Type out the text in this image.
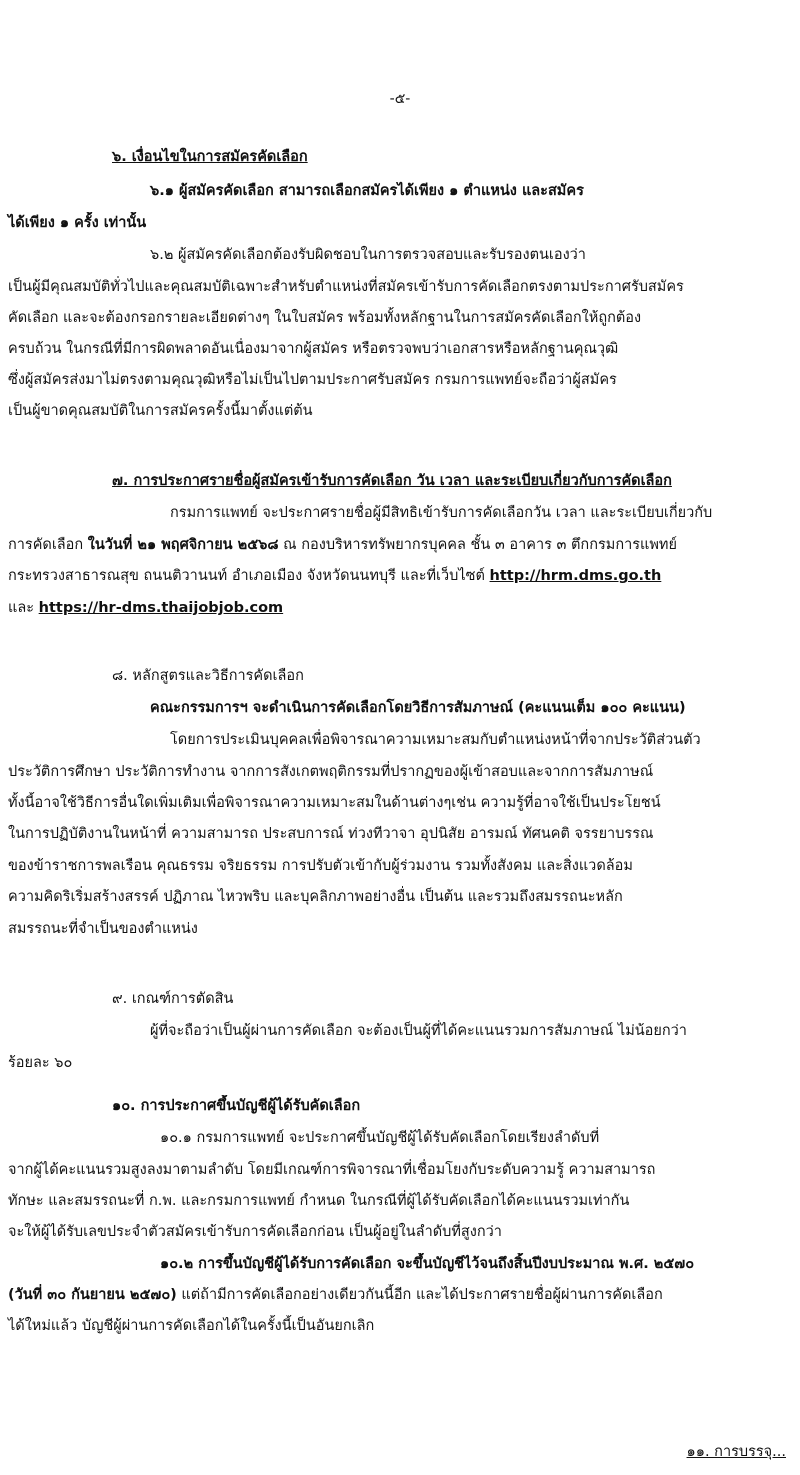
-๕-

๖. เงื่อนไขในการสมัครคัดเลือก

๖.๑ ผู้สมัครคัดเลือก สามารถเลือกสมัครได้เพียง ๑ ตำแหน่ง และสมัคร

ได้เพียง ๑ ครั้ง เท่านั้น

๖.๒ ผู้สมัครคัดเลือกต้องรับผิดชอบในการตรวจสอบและรับรองตนเองว่า

เป็นผู้มีคุณสมบัติทั่วไปและคุณสมบัติเฉพาะสำหรับตำแหน่งที่สมัครเข้ารับการคัดเลือกตรงตามประกาศรับสมัคร

คัดเลือก และจะต้องกรอกรายละเอียดต่างๆ ในใบสมัคร พร้อมทั้งหลักฐานในการสมัครคัดเลือกให้ถูกต้อง

ครบถ้วน ในกรณีที่มีการผิดพลาดอันเนื่องมาจากผู้สมัคร หรือตรวจพบว่าเอกสารหรือหลักฐานคุณวุฒิ

ซึ่งผู้สมัครส่งมาไม่ตรงตามคุณวุฒิหรือไม่เป็นไปตามประกาศรับสมัคร กรมการแพทย์จะถือว่าผู้สมัคร

เป็นผู้ขาดคุณสมบัติในการสมัครครั้งนี้มาตั้งแต่ต้น

๗. การประกาศรายชื่อผู้สมัครเข้ารับการคัดเลือก วัน เวลา และระเบียบเกี่ยวกับการคัดเลือก

กรมการแพทย์ จะประกาศรายชื่อผู้มีสิทธิเข้ารับการคัดเลือกวัน เวลา และระเบียบเกี่ยวกับ

การคัดเลือก ในวันที่ ๒๑ พฤศจิกายน ๒๕๖๘ ณ กองบริหารทรัพยากรบุคคล ชั้น ๓ อาคาร ๓ ตึกกรมการแพทย์

กระทรวงสาธารณสุข ถนนติวานนท์ อำเภอเมือง จังหวัดนนทบุรี และที่เว็บไซต์ http://hrm.dms.go.th

และ https://hr-dms.thaijobjob.com

๘. หลักสูตรและวิธีการคัดเลือก

คณะกรรมการฯ จะดำเนินการคัดเลือกโดยวิธีการสัมภาษณ์ (คะแนนเต็ม ๑๐๐ คะแนน)

โดยการประเมินบุคคลเพื่อพิจารณาความเหมาะสมกับตำแหน่งหน้าที่จากประวัติส่วนตัว

ประวัติการศึกษา ประวัติการทำงาน จากการสังเกตพฤติกรรมที่ปรากฏของผู้เข้าสอบและจากการสัมภาษณ์

ทั้งนี้อาจใช้วิธีการอื่นใดเพิ่มเติมเพื่อพิจารณาความเหมาะสมในด้านต่างๆเช่น ความรู้ที่อาจใช้เป็นประโยชน์

ในการปฏิบัติงานในหน้าที่ ความสามารถ ประสบการณ์ ท่วงทีวาจา อุปนิสัย อารมณ์ ทัศนคติ จรรยาบรรณ

ของข้าราชการพลเรือน คุณธรรม จริยธรรม การปรับตัวเข้ากับผู้ร่วมงาน รวมทั้งสังคม และสิ่งแวดล้อม

ความคิดริเริ่มสร้างสรรค์ ปฏิภาณ ไหวพริบ และบุคลิกภาพอย่างอื่น เป็นต้น และรวมถึงสมรรถนะหลัก

สมรรถนะที่จำเป็นของตำแหน่ง

๙. เกณฑ์การตัดสิน

ผู้ที่จะถือว่าเป็นผู้ผ่านการคัดเลือก จะต้องเป็นผู้ที่ได้คะแนนรวมการสัมภาษณ์ ไม่น้อยกว่า

ร้อยละ ๖๐

๑๐. การประกาศขึ้นบัญชีผู้ได้รับคัดเลือก

๑๐.๑ กรมการแพทย์ จะประกาศขึ้นบัญชีผู้ได้รับคัดเลือกโดยเรียงลำดับที่

จากผู้ได้คะแนนรวมสูงลงมาตามลำดับ โดยมีเกณฑ์การพิจารณาที่เชื่อมโยงกับระดับความรู้ ความสามารถ

ทักษะ และสมรรถนะที่ ก.พ. และกรมการแพทย์ กำหนด ในกรณีที่ผู้ได้รับคัดเลือกได้คะแนนรวมเท่ากัน

จะให้ผู้ได้รับเลขประจำตัวสมัครเข้ารับการคัดเลือกก่อน เป็นผู้อยู่ในลำดับที่สูงกว่า

๑๐.๒ การขึ้นบัญชีผู้ได้รับการคัดเลือก จะขึ้นบัญชีไว้จนถึงสิ้นปีงบประมาณ พ.ศ. ๒๕๗๐

(วันที่ ๓๐ กันยายน ๒๕๗๐) แต่ถ้ามีการคัดเลือกอย่างเดียวกันนี้อีก และได้ประกาศรายชื่อผู้ผ่านการคัดเลือก

ได้ใหม่แล้ว บัญชีผู้ผ่านการคัดเลือกได้ในครั้งนี้เป็นอันยกเลิก

๑๑. การบรรจุ...
